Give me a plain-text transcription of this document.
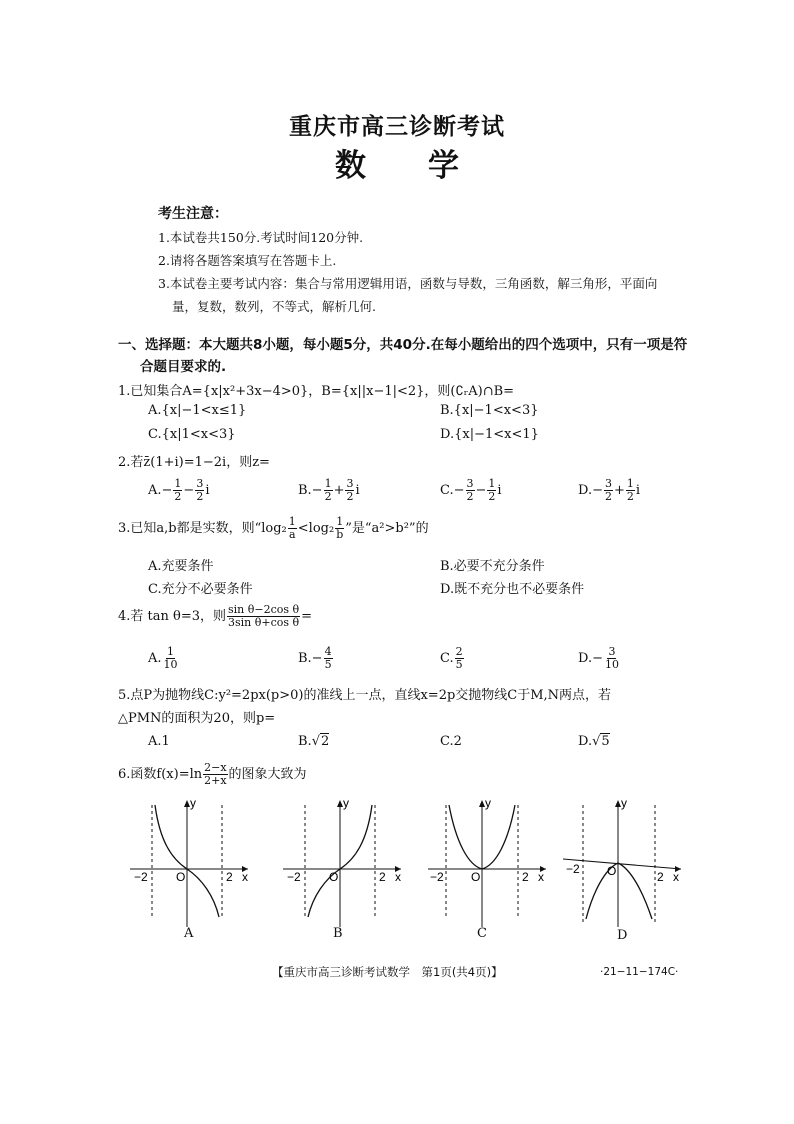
重庆市高三诊断考试
数学
考生注意：
1.本试卷共150分.考试时间120分钟.
2.请将各题答案填写在答题卡上.
3.本试卷主要考试内容：集合与常用逻辑用语，函数与导数，三角函数，解三角形，平面向
量，复数，数列，不等式，解析几何.
一、选择题：本大题共8小题，每小题5分，共40分.在每小题给出的四个选项中，只有一项是符
合题目要求的.
1.已知集合A={x|x²+3x−4>0}，B={x||x−1|<2}，则(∁ᵣA)∩B=
A.{x|−1<x≤1}	B.{x|−1<x<3}
C.{x|1<x<3}	D.{x|−1<x<1}
2.若z̄(1+i)=1−2i，则z=
$A.- \frac{1}{2} - \frac{3}{2}$ i	$B.- \frac{1}{2} + \frac{3}{2}$ i	$C.- \frac{3}{2} - \frac{1}{2}$ i	$D.- \frac{3}{2} + \frac{1}{2}$ i
3.已知a,b都是实数，则“$\log_2 \frac{1}{a} <\log_2 \frac{1}{b}$ ”是“a²>b²”的
A.充要条件	B.必要不充分条件
C.充分不必要条件	D.既不充分也不必要条件
4.若 tan θ=3，则 $\frac{\text{sin θ−2cos θ}}{\text{3sin θ+cos θ}}$ =
A. $\frac{1}{10}$	$B.- \frac{4}{5}$	C. $\frac{2}{5}$	$D.- \frac{3}{10}$
5.点P为抛物线C:y²=2px(p>0)的准线上一点，直线x=2p交抛物线C于M,N两点，若
△PMN的面积为20，则p=
A.1	B.√2	C.2	D.√5
6.函数$f(x)=\ln \frac{2-x}{2+x}$ 的图象大致为
y
x
O
−2	2
A
y
x
O
−2	2
B
y
x
O
−2	2
C
y
x
O
−2
2
D
【重庆市高三诊断考试数学　第1页(共4页)】	·21−11−174C·
